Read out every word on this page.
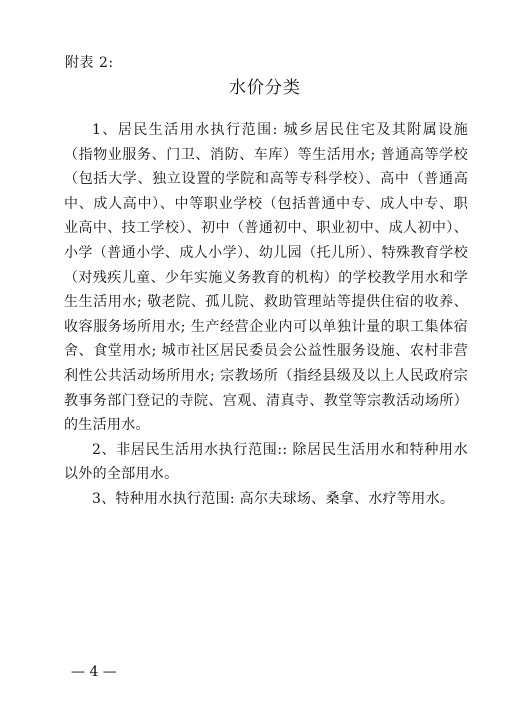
附表 2:
水价分类

1、居民生活用水执行范围: 城乡居民住宅及其附属设施（指物业服务、门卫、消防、车库）等生活用水; 普通高等学校（包括大学、独立设置的学院和高等专科学校）、高中（普通高中、成人高中）、中等职业学校（包括普通中专、成人中专、职业高中、技工学校）、初中（普通初中、职业初中、成人初中）、小学（普通小学、成人小学）、幼儿园（托儿所）、特殊教育学校（对残疾儿童、少年实施义务教育的机构）的学校教学用水和学生生活用水; 敬老院、孤儿院、救助管理站等提供住宿的收养、收容服务场所用水; 生产经营企业内可以单独计量的职工集体宿舍、食堂用水; 城市社区居民委员会公益性服务设施、农村非营利性公共活动场所用水; 宗教场所（指经县级及以上人民政府宗教事务部门登记的寺院、宫观、清真寺、教堂等宗教活动场所）的生活用水。

2、非居民生活用水执行范围:: 除居民生活用水和特种用水以外的全部用水。

3、特种用水执行范围: 高尔夫球场、桑拿、水疗等用水。

— 4 —
